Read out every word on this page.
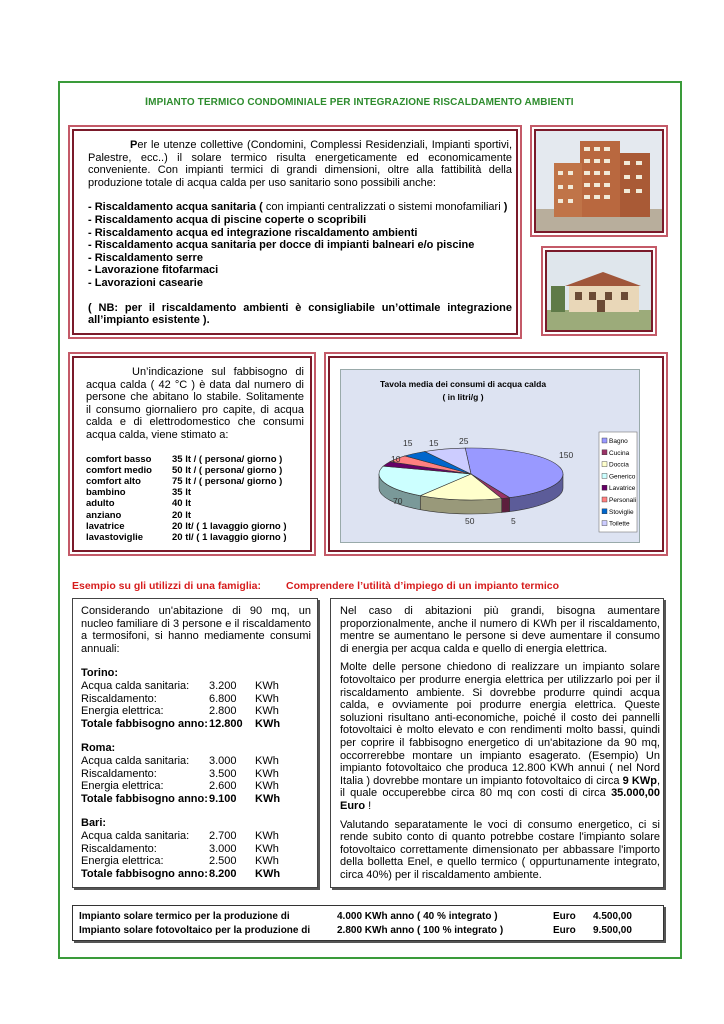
IMPIANTO TERMICO CONDOMINIALE PER INTEGRAZIONE RISCALDAMENTO AMBIENTI
Per le utenze collettive (Condomini, Complessi Residenziali, Impianti sportivi, Palestre, ecc..) il solare termico risulta energeticamente ed economicamente conveniente. Con impianti termici di grandi dimensioni, oltre alla fattibilità della produzione totale di acqua calda per uso sanitario sono possibili anche:
- Riscaldamento acqua sanitaria ( con impianti centralizzati o sistemi monofamiliari )
- Riscaldamento acqua di piscine coperte o scopribili
- Riscaldamento acqua ed integrazione riscaldamento ambienti
- Riscaldamento acqua sanitaria per docce di impianti balneari e/o piscine
- Riscaldamento serre
- Lavorazione fitofarmaci
- Lavorazioni casearie
( NB: per il riscaldamento ambienti è consigliabile un’ottimale integrazione all’impianto esistente ).
Un’indicazione sul fabbisogno di acqua calda ( 42 °C ) è data dal numero di persone che abitano lo stabile. Solitamente il consumo giornaliero pro capite, di acqua calda e di elettrodomestico che consumi acqua calda, viene stimato a:
comfort basso	35 lt / ( persona/ giorno )
comfort medio	50 lt / ( persona/ giorno )
comfort alto	75 lt / ( persona/ giorno )
bambino	35 lt
adulto	40 lt
anziano	20 lt
lavatrice	20 lt/ ( 1 lavaggio giorno )
lavastoviglie	20 tl/ ( 1 lavaggio giorno )
Tavola media dei consumi di acqua calda
( in litri/g )
150
5
50
70
10
15 15 25	Bagno
Cucina
Doccia
Generico
Lavatrice
Personali
Stoviglie
Toilette
Esempio su gli utilizzi di una famiglia: Comprendere l’utilità d’impiego di un impianto termico
Considerando un'abitazione di 90 mq, un nucleo familiare di 3 persone e il riscaldamento a termosifoni, si hanno mediamente consumi annuali:
Torino:
Acqua calda sanitaria:	3.200	KWh
Riscaldamento:	6.800	KWh
Energia elettrica:	2.800	KWh
Totale fabbisogno anno:	12.800	KWh
Roma:
Acqua calda sanitaria:	3.000	KWh
Riscaldamento:	3.500	KWh
Energia elettrica:	2.600	KWh
Totale fabbisogno anno:	9.100	KWh
Bari:
Acqua calda sanitaria:	2.700	KWh
Riscaldamento:	3.000	KWh
Energia elettrica:	2.500	KWh
Totale fabbisogno anno:	8.200	KWh
Nel caso di abitazioni più grandi, bisogna aumentare proporzionalmente, anche il numero di KWh per il riscaldamento, mentre se aumentano le persone si deve aumentare il consumo di energia per acqua calda e quello di energia elettrica.
Molte delle persone chiedono di realizzare un impianto solare fotovoltaico per produrre energia elettrica per utilizzarlo poi per il riscaldamento ambiente. Si dovrebbe produrre quindi acqua calda, e ovviamente poi produrre energia elettrica. Queste soluzioni risultano anti-economiche, poiché il costo dei pannelli fotovoltaici è molto elevato e con rendimenti molto bassi, quindi per coprire il fabbisogno energetico di un'abitazione da 90 mq, occorrerebbe montare un impianto esagerato. (Esempio) Un impianto fotovoltaico che produca 12.800 KWh annui ( nel Nord Italia ) dovrebbe montare un impianto fotovoltaico di circa 9 KWp, il quale occuperebbe circa 80 mq con costi di circa 35.000,00 Euro !
Valutando separatamente le voci di consumo energetico, ci si rende subito conto di quanto potrebbe costare l'impianto solare fotovoltaico correttamente dimensionato per abbassare l'importo della bolletta Enel, e quello termico ( oppurtunamente integrato, circa 40%) per il riscaldamento ambiente.
Impianto solare termico per la produzione di	4.000 KWh anno ( 40 % integrato )	Euro 4.500,00
Impianto solare fotovoltaico per la produzione di	2.800 KWh anno ( 100 % integrato )	Euro 9.500,00
